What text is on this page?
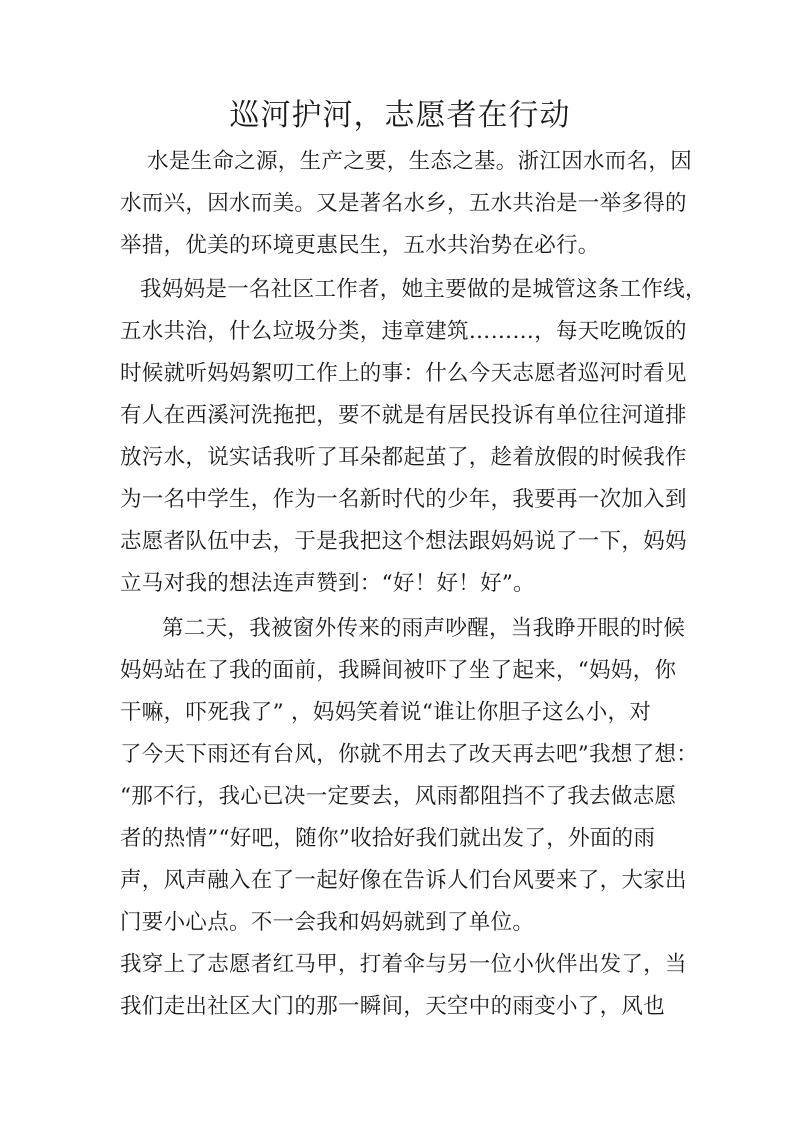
巡河护河，志愿者在行动
水是生命之源，生产之要，生态之基。浙江因水而名，因
水而兴，因水而美。又是著名水乡，五水共治是一举多得的
举措，优美的环境更惠民生，五水共治势在必行。
我妈妈是一名社区工作者，她主要做的是城管这条工作线，
五水共治，什么垃圾分类，违章建筑………，每天吃晚饭的
时候就听妈妈絮叨工作上的事：什么今天志愿者巡河时看见
有人在西溪河洗拖把，要不就是有居民投诉有单位往河道排
放污水，说实话我听了耳朵都起茧了，趁着放假的时候我作
为一名中学生，作为一名新时代的少年，我要再一次加入到
志愿者队伍中去，于是我把这个想法跟妈妈说了一下，妈妈
立马对我的想法连声赞到：“好！好！好”。
第二天，我被窗外传来的雨声吵醒，当我睁开眼的时候
妈妈站在了我的面前，我瞬间被吓了坐了起来，“妈妈，你
干嘛，吓死我了” ，妈妈笑着说“谁让你胆子这么小，对
了今天下雨还有台风，你就不用去了改天再去吧”我想了想：
“那不行，我心已决一定要去，风雨都阻挡不了我去做志愿
者的热情”“好吧，随你”收拾好我们就出发了，外面的雨
声，风声融入在了一起好像在告诉人们台风要来了，大家出
门要小心点。不一会我和妈妈就到了单位。
我穿上了志愿者红马甲，打着伞与另一位小伙伴出发了，当
我们走出社区大门的那一瞬间，天空中的雨变小了，风也
